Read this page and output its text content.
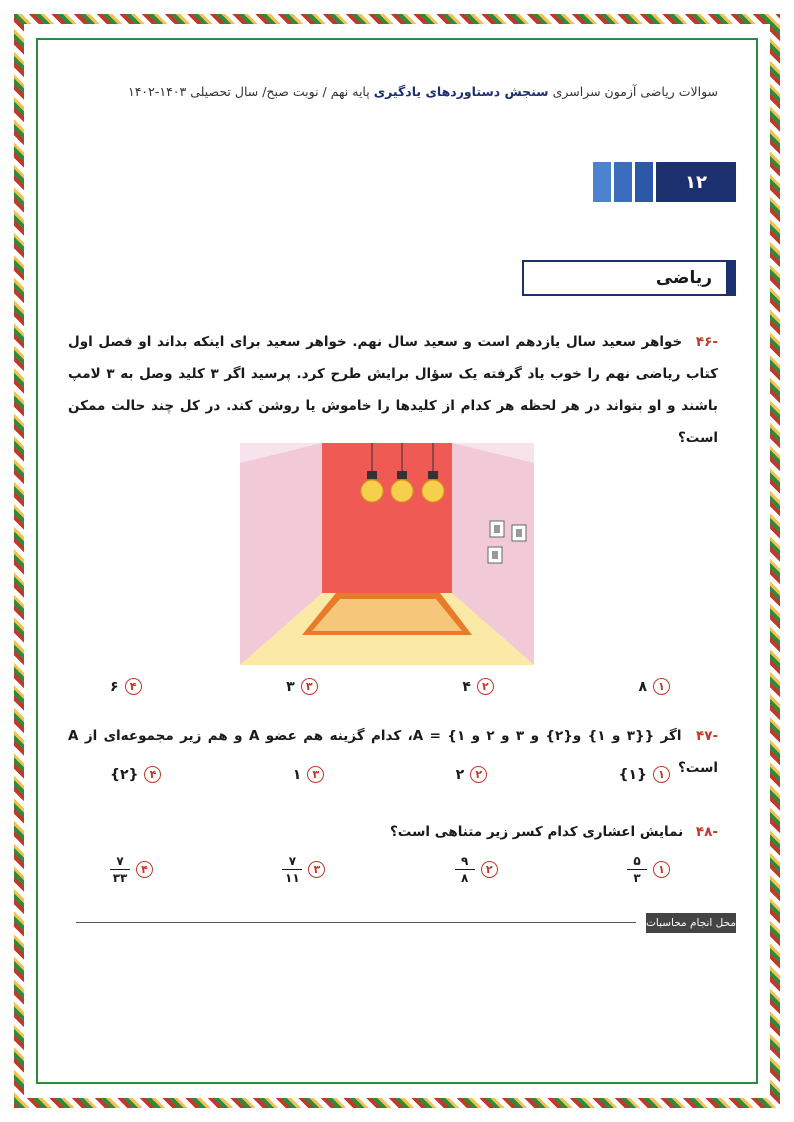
سوالات ریاضی آزمون سراسری سنجش دستاوردهای یادگیری پایه نهم / نوبت صبح/ سال تحصیلی ۱۴۰۳-۱۴۰۲
۱۲
ریاضی
-۴۶ خواهر سعید سال یازدهم است و سعید سال نهم. خواهر سعید برای اینکه بداند او فصل اول کتاب ریاضی نهم را خوب یاد گرفته یک سؤال برایش طرح کرد. پرسید اگر ۳ کلید وصل به ۳ لامپ باشند و او بتواند در هر لحظه هر کدام از کلیدها را خاموش یا روشن کند. در کل چند حالت ممکن است؟
۱
۸
۲
۴
۳
۳
۴
۶
-۴۷ اگر {{۳ و ۱} و{۲} و ۳ و ۲ و ۱} = A، کدام گزینه هم عضو A و هم زیر مجموعه‌ای از A است؟
۱
{۱}
۲
۲
۳
۱
۴
{۲}
-۴۸ نمایش اعشاری کدام کسر زیر متناهی است؟
۱
$\frac{۵}{۳}$
۲
$\frac{۹}{۸}$
۳
$\frac{۷}{۱۱}$
۴
$\frac{۷}{۳۳}$
محل انجام محاسبات
